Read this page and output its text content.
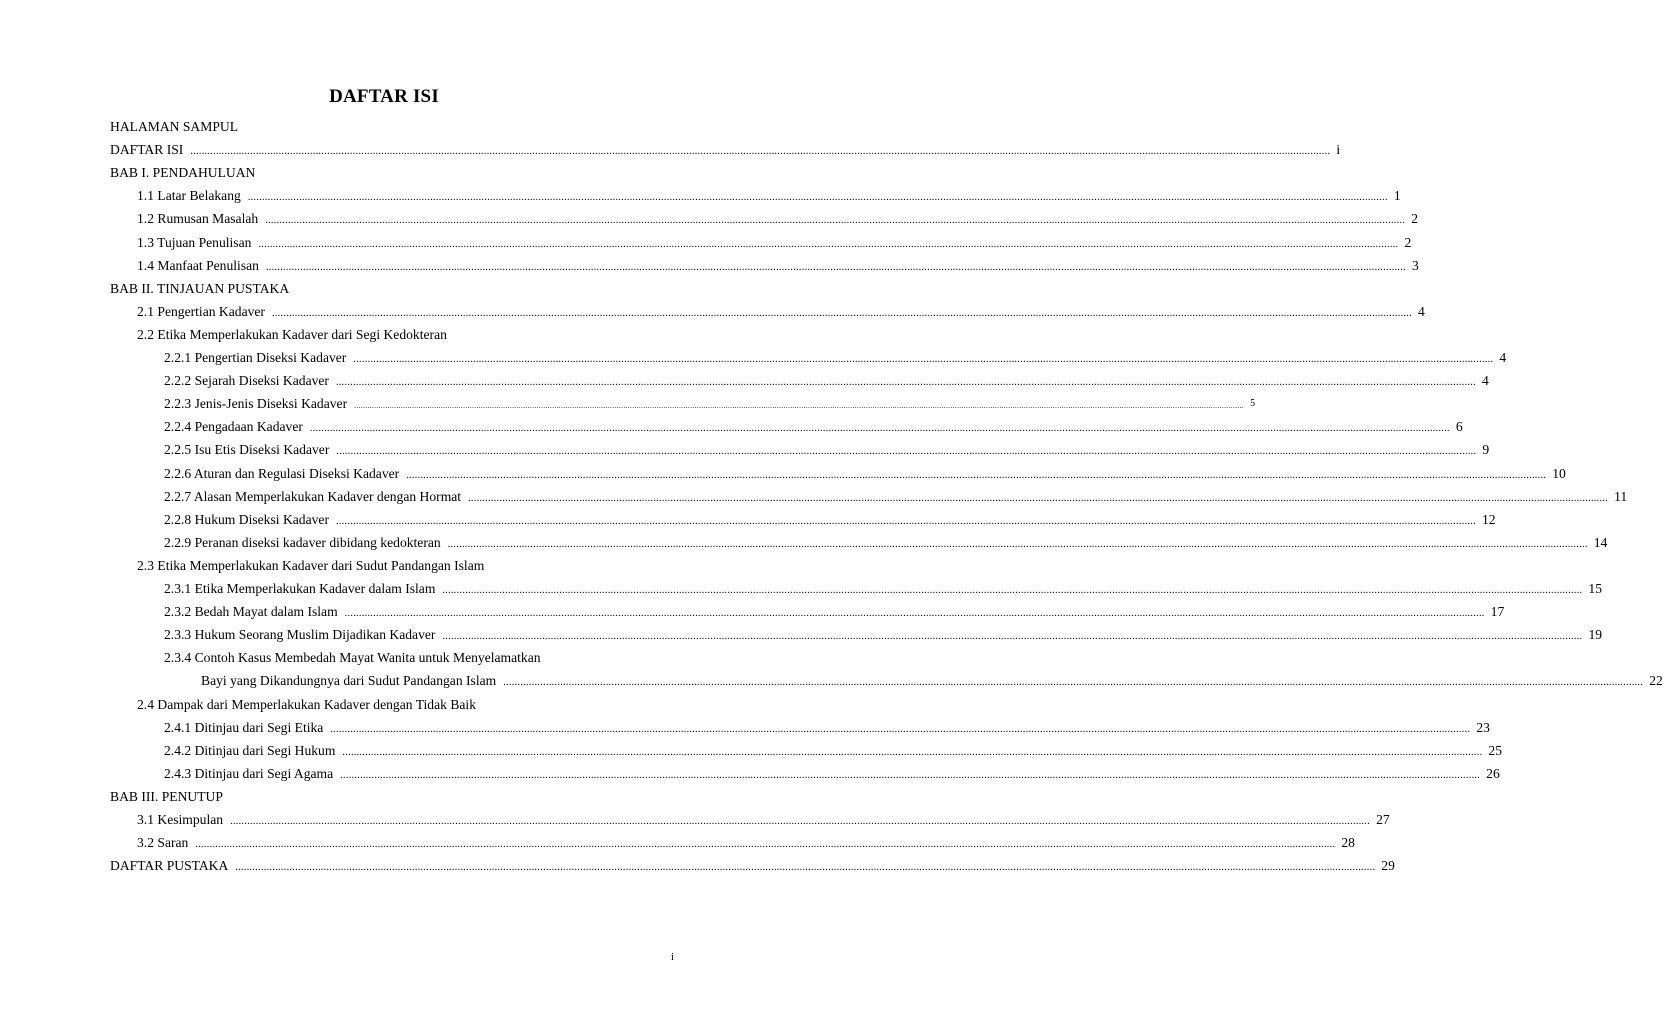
DAFTAR ISI
HALAMAN SAMPUL
DAFTAR ISI ................................................................................................................................................................................................................................................................................................................................................................................................................ i
BAB I. PENDAHULUAN
1.1 Latar Belakang ................................................................................................................................................................................................................................................................................................................................................................................................................ 1
1.2 Rumusan Masalah ................................................................................................................................................................................................................................................................................................................................................................................................................ 2
1.3 Tujuan Penulisan ................................................................................................................................................................................................................................................................................................................................................................................................................ 2
1.4 Manfaat Penulisan ................................................................................................................................................................................................................................................................................................................................................................................................................ 3
BAB II. TINJAUAN PUSTAKA
2.1 Pengertian Kadaver ................................................................................................................................................................................................................................................................................................................................................................................................................ 4
2.2 Etika Memperlakukan Kadaver dari Segi Kedokteran
2.2.1 Pengertian Diseksi Kadaver ................................................................................................................................................................................................................................................................................................................................................................................................................ 4
2.2.2 Sejarah Diseksi Kadaver ................................................................................................................................................................................................................................................................................................................................................................................................................ 4
2.2.3 Jenis-Jenis Diseksi Kadaver ................................................................................................................................................................................................................................................................................................................................................................................................................ 5
2.2.4 Pengadaan Kadaver ................................................................................................................................................................................................................................................................................................................................................................................................................ 6
2.2.5 Isu Etis Diseksi Kadaver ................................................................................................................................................................................................................................................................................................................................................................................................................ 9
2.2.6 Aturan dan Regulasi Diseksi Kadaver ................................................................................................................................................................................................................................................................................................................................................................................................................ 10
2.2.7 Alasan Memperlakukan Kadaver dengan Hormat ................................................................................................................................................................................................................................................................................................................................................................................................................ 11
2.2.8 Hukum Diseksi Kadaver ................................................................................................................................................................................................................................................................................................................................................................................................................ 12
2.2.9 Peranan diseksi kadaver dibidang kedokteran ................................................................................................................................................................................................................................................................................................................................................................................................................ 14
2.3 Etika Memperlakukan Kadaver dari Sudut Pandangan Islam
2.3.1 Etika Memperlakukan Kadaver dalam Islam ................................................................................................................................................................................................................................................................................................................................................................................................................ 15
2.3.2 Bedah Mayat dalam Islam ................................................................................................................................................................................................................................................................................................................................................................................................................ 17
2.3.3 Hukum Seorang Muslim Dijadikan Kadaver ................................................................................................................................................................................................................................................................................................................................................................................................................ 19
2.3.4 Contoh Kasus Membedah Mayat Wanita untuk Menyelamatkan
Bayi yang Dikandungnya dari Sudut Pandangan Islam ................................................................................................................................................................................................................................................................................................................................................................................................................ 22
2.4 Dampak dari Memperlakukan Kadaver dengan Tidak Baik
2.4.1 Ditinjau dari Segi Etika ................................................................................................................................................................................................................................................................................................................................................................................................................ 23
2.4.2 Ditinjau dari Segi Hukum ................................................................................................................................................................................................................................................................................................................................................................................................................ 25
2.4.3 Ditinjau dari Segi Agama ................................................................................................................................................................................................................................................................................................................................................................................................................ 26
BAB III. PENUTUP
3.1 Kesimpulan ................................................................................................................................................................................................................................................................................................................................................................................................................ 27
3.2 Saran ................................................................................................................................................................................................................................................................................................................................................................................................................ 28
DAFTAR PUSTAKA ................................................................................................................................................................................................................................................................................................................................................................................................................ 29
i
